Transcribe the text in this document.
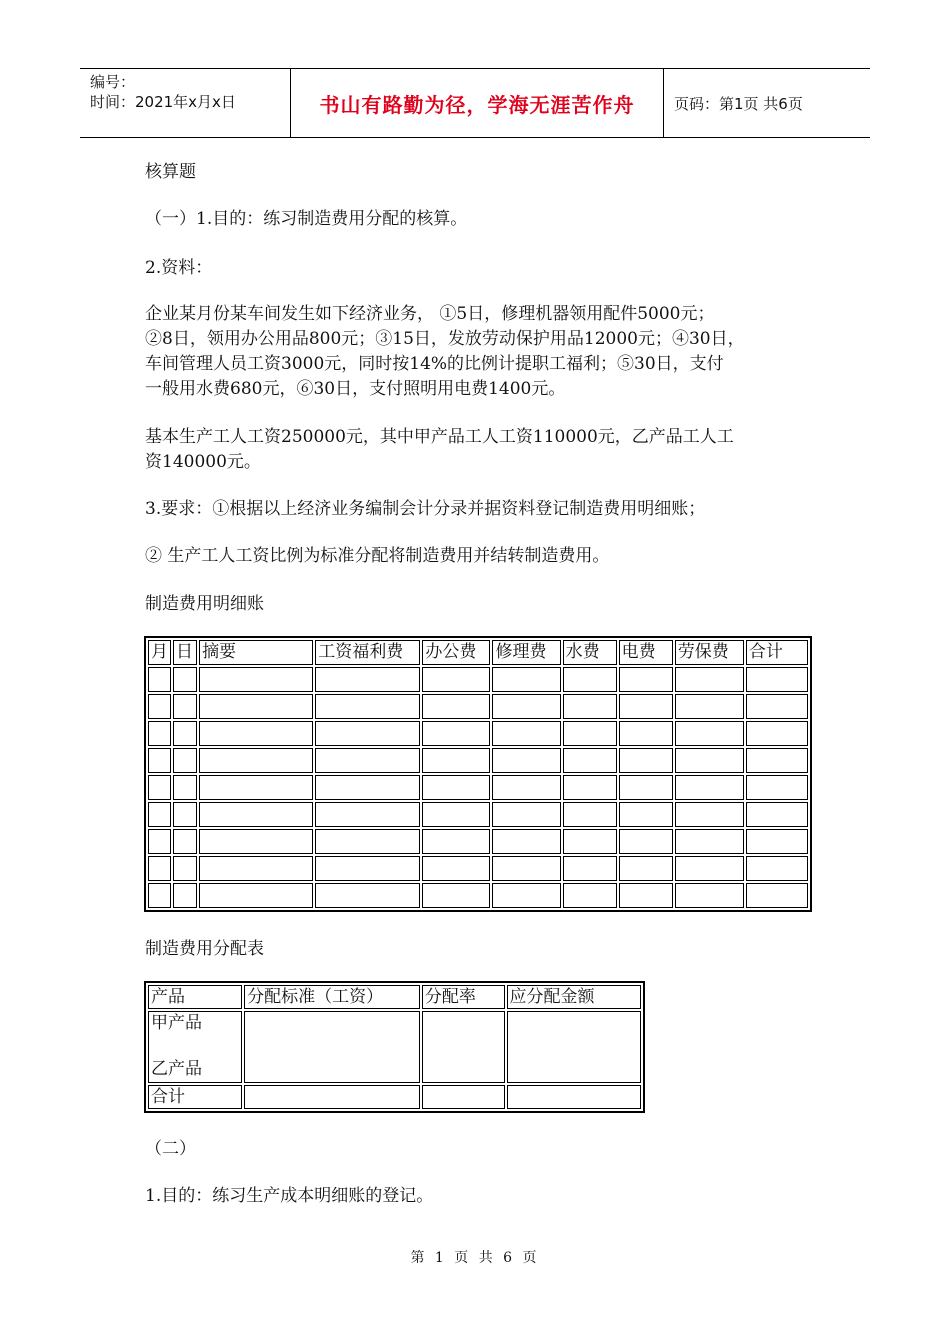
编号：
时间：2021年x月x日	书山有路勤为径，学海无涯苦作舟	页码：第1页 共6页

核算题

（一）1.目的：练习制造费用分配的核算。

2.资料：

企业某月份某车间发生如下经济业务， ①5日，修理机器领用配件5000元；

②8日，领用办公用品800元；③15日，发放劳动保护用品12000元；④30日，

车间管理人员工资3000元，同时按14%的比例计提职工福利；⑤30日，支付

一般用水费680元，⑥30日，支付照明用电费1400元。

基本生产工人工资250000元，其中甲产品工人工资110000元，乙产品工人工

资140000元。

3.要求：①根据以上经济业务编制会计分录并据资料登记制造费用明细账；

② 生产工人工资比例为标准分配将制造费用并结转制造费用。

制造费用明细账

月	日	摘要	工资福利费	办公费	修理费	水费	电费	劳保费	合计

制造费用分配表

产品	分配标准（工资）	分配率	应分配金额

甲产品
乙产品			

合计			

（二）

1.目的：练习生产成本明细账的登记。

第 1 页 共 6 页
